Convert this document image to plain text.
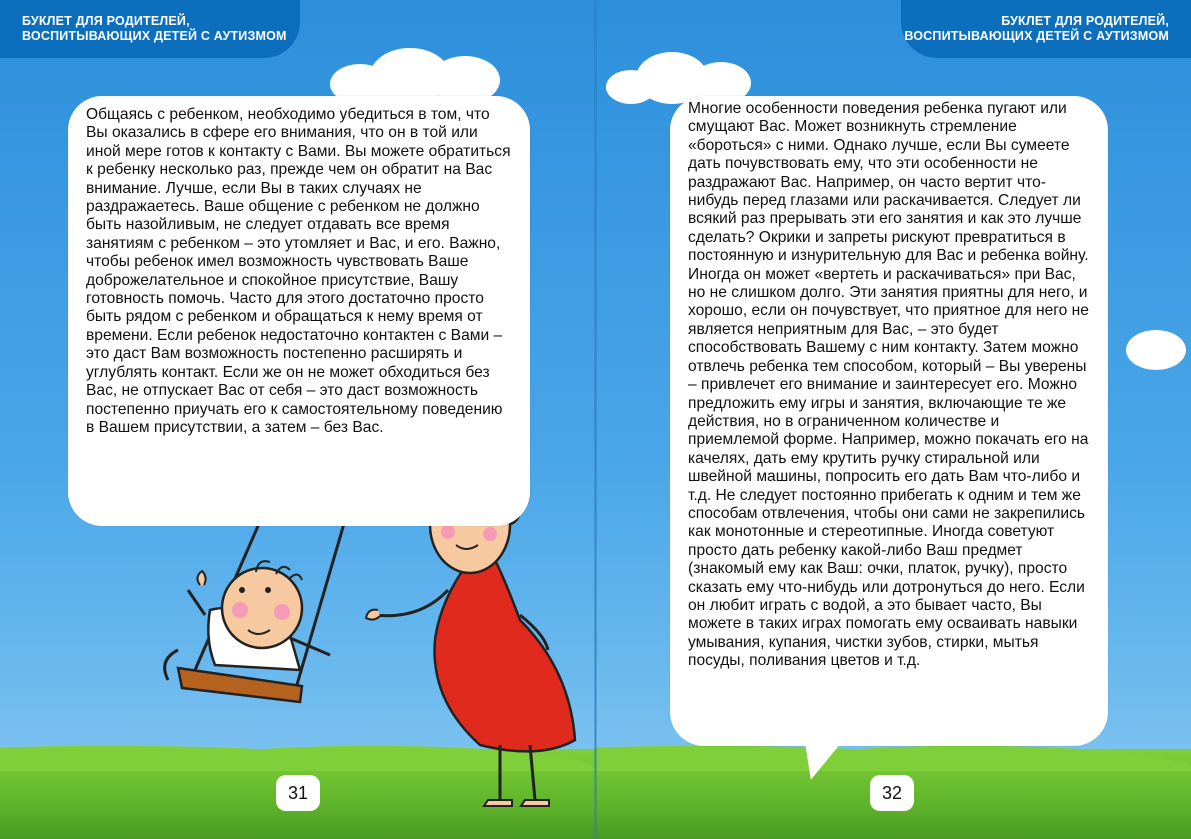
БУКЛЕТ ДЛЯ РОДИТЕЛЕЙ,
ВОСПИТЫВАЮЩИХ ДЕТЕЙ С АУТИЗМОМ

Общаясь с ребенком, необходимо убедиться в том, что Вы оказались в сфере его внимания, что он в той или иной мере готов к контакту с Вами. Вы можете обратиться к ребенку несколько раз, прежде чем он обратит на Вас внимание. Лучше, если Вы в таких случаях не раздражаетесь. Ваше общение с ребенком не должно быть назойливым, не следует отдавать все время занятиям с ребенком – это утомляет и Вас, и его. Важно, чтобы ребенок имел возможность чувствовать Ваше доброжелательное и спокойное присутствие, Вашу готовность помочь. Часто для этого достаточно просто быть рядом с ребенком и обращаться к нему время от времени. Если ребенок недостаточно контактен с Вами – это даст Вам возможность постепенно расширять и углублять контакт. Если же он не может обходиться без Вас, не отпускает Вас от себя – это даст возможность постепенно приучать его к самостоятельному поведению в Вашем присутствии, а затем – без Вас.

31
БУКЛЕТ ДЛЯ РОДИТЕЛЕЙ,
ВОСПИТЫВАЮЩИХ ДЕТЕЙ С АУТИЗМОМ

Многие особенности поведения ребенка пугают или смущают Вас. Может возникнуть стремление «бороться» с ними. Однако лучше, если Вы сумеете дать почувствовать ему, что эти особенности не раздражают Вас. Например, он часто вертит что-нибудь перед глазами или раскачивается. Следует ли всякий раз прерывать эти его занятия и как это лучше сделать? Окрики и запреты рискуют превратиться в постоянную и изнурительную для Вас и ребенка войну. Иногда он может «вертеть и раскачиваться» при Вас, но не слишком долго. Эти занятия приятны для него, и хорошо, если он почувствует, что приятное для него не является неприятным для Вас, – это будет способствовать Вашему с ним контакту. Затем можно отвлечь ребенка тем способом, который – Вы уверены – привлечет его внимание и заинтересует его. Можно предложить ему игры и занятия, включающие те же действия, но в ограниченном количестве и приемлемой форме. Например, можно покачать его на качелях, дать ему крутить ручку стиральной или швейной машины, попросить его дать Вам что-либо и т.д. Не следует постоянно прибегать к одним и тем же способам отвлечения, чтобы они сами не закрепились как монотонные и стереотипные. Иногда советуют просто дать ребенку какой-либо Ваш предмет (знакомый ему как Ваш: очки, платок, ручку), просто сказать ему что-нибудь или дотронуться до него. Если он любит играть с водой, а это бывает часто, Вы можете в таких играх помогать ему осваивать навыки умывания, купания, чистки зубов, стирки, мытья посуды, поливания цветов и т.д.

32
